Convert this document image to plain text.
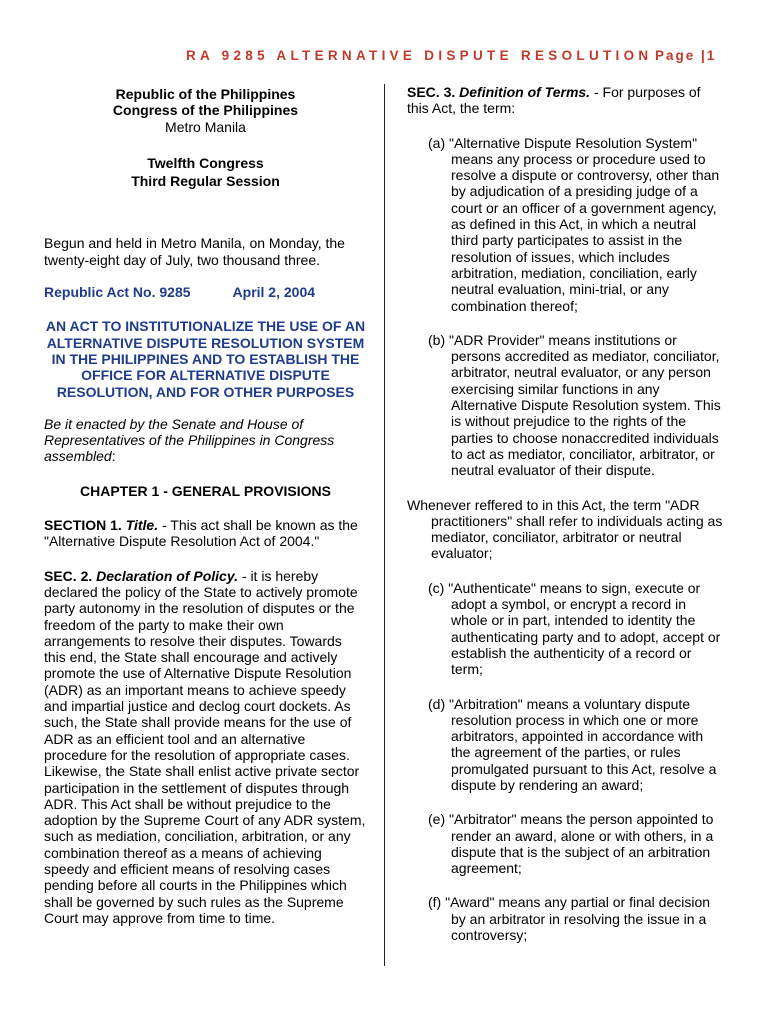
RA 9285 ALTERNATIVE DISPUTE RESOLUTION Page |1

Republic of the Philippines

Congress of the Philippines

Metro Manila

Twelfth Congress

Third Regular Session

Begun and held in Metro Manila, on Monday, the twenty-eight day of July, two thousand three.

Republic Act No. 9285	April 2, 2004

AN ACT TO INSTITUTIONALIZE THE USE OF AN ALTERNATIVE DISPUTE RESOLUTION SYSTEM IN THE PHILIPPINES AND TO ESTABLISH THE OFFICE FOR ALTERNATIVE DISPUTE RESOLUTION, AND FOR OTHER PURPOSES

Be it enacted by the Senate and House of Representatives of the Philippines in Congress assembled:

CHAPTER 1 - GENERAL PROVISIONS

SECTION 1. Title. - This act shall be known as the "Alternative Dispute Resolution Act of 2004."

SEC. 2. Declaration of Policy. - it is hereby declared the policy of the State to actively promote party autonomy in the resolution of disputes or the freedom of the party to make their own arrangements to resolve their disputes. Towards this end, the State shall encourage and actively promote the use of Alternative Dispute Resolution (ADR) as an important means to achieve speedy and impartial justice and declog court dockets. As such, the State shall provide means for the use of ADR as an efficient tool and an alternative procedure for the resolution of appropriate cases. Likewise, the State shall enlist active private sector participation in the settlement of disputes through ADR. This Act shall be without prejudice to the adoption by the Supreme Court of any ADR system, such as mediation, conciliation, arbitration, or any combination thereof as a means of achieving speedy and efficient means of resolving cases pending before all courts in the Philippines which shall be governed by such rules as the Supreme Court may approve from time to time.

SEC. 3. Definition of Terms. - For purposes of this Act, the term:

(a) "Alternative Dispute Resolution System" means any process or procedure used to resolve a dispute or controversy, other than by adjudication of a presiding judge of a court or an officer of a government agency, as defined in this Act, in which a neutral third party participates to assist in the resolution of issues, which includes arbitration, mediation, conciliation, early neutral evaluation, mini-trial, or any combination thereof;

(b) "ADR Provider" means institutions or persons accredited as mediator, conciliator, arbitrator, neutral evaluator, or any person exercising similar functions in any Alternative Dispute Resolution system. This is without prejudice to the rights of the parties to choose nonaccredited individuals to act as mediator, conciliator, arbitrator, or neutral evaluator of their dispute.

Whenever reffered to in this Act, the term "ADR practitioners" shall refer to individuals acting as mediator, conciliator, arbitrator or neutral evaluator;

(c) "Authenticate" means to sign, execute or adopt a symbol, or encrypt a record in whole or in part, intended to identity the authenticating party and to adopt, accept or establish the authenticity of a record or term;

(d) "Arbitration" means a voluntary dispute resolution process in which one or more arbitrators, appointed in accordance with the agreement of the parties, or rules promulgated pursuant to this Act, resolve a dispute by rendering an award;

(e) "Arbitrator" means the person appointed to render an award, alone or with others, in a dispute that is the subject of an arbitration agreement;

(f) "Award" means any partial or final decision by an arbitrator in resolving the issue in a controversy;
